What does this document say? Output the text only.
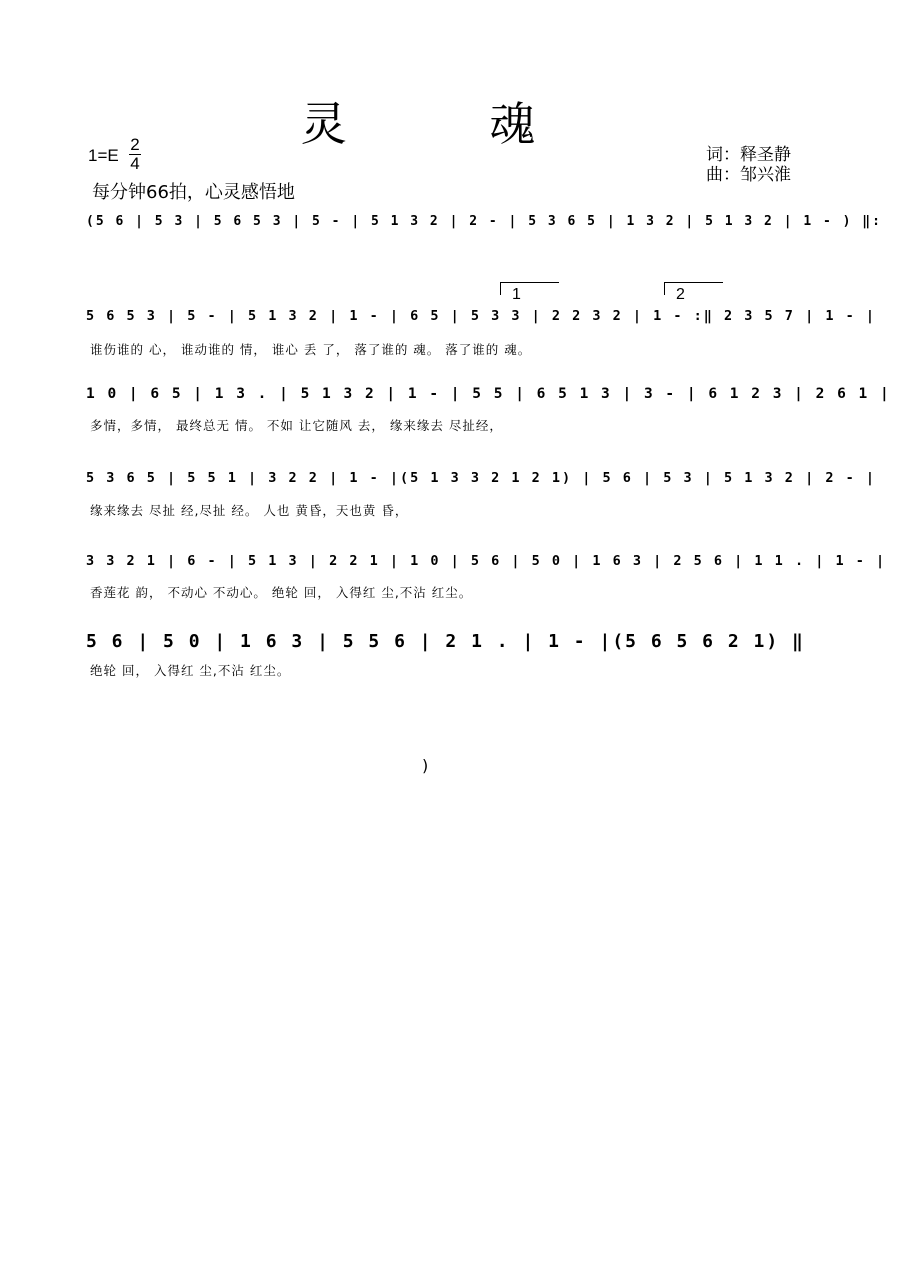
灵 魂
1=E
2
4	词：释圣静
曲：邹兴淮
每分钟66拍，心灵感悟地
(5 6 | 5 3 | 5 6 5 3 | 5 - | 5 1 3 2 | 2 - | 5 3 6 5 | 1 3 2 | 5 1 3 2 | 1 - ) ‖:
1	2
5 6 5 3 | 5 - | 5 1 3 2 | 1 - | 6 5 | 5 3 3 | 2 2 3 2 | 1 - :‖ 2 3 5 7 | 1 - |
谁伤谁的 心， 谁动谁的 情， 谁心 丢 了， 落了谁的 魂。 落了谁的 魂。
1 0 | 6 5 | 1 3 . | 5 1 3 2 | 1 - | 5 5 | 6 5 1 3 | 3 - | 6 1 2 3 | 2 6 1 |
多情，多情， 最终总无 情。 不如 让它随风 去， 缘来缘去 尽扯经，
5 3 6 5 | 5 5 1 | 3 2 2 | 1 - |(5 1 3 3 2 1 2 1) | 5 6 | 5 3 | 5 1 3 2 | 2 - |
缘来缘去 尽扯 经,尽扯 经。 人也 黄昏，天也黄 昏，
3 3 2 1 | 6 - | 5 1 3 | 2 2 1 | 1 0 | 5 6 | 5 0 | 1 6 3 | 2 5 6 | 1 1 . | 1 - |
香莲花 韵， 不动心 不动心。 绝轮 回， 入得红 尘,不沾 红尘。
5 6 | 5 0 | 1 6 3 | 5 5 6 | 2 1 . | 1 - |(5 6 5 6 2 1) ‖
绝轮 回， 入得红 尘,不沾 红尘。
)
